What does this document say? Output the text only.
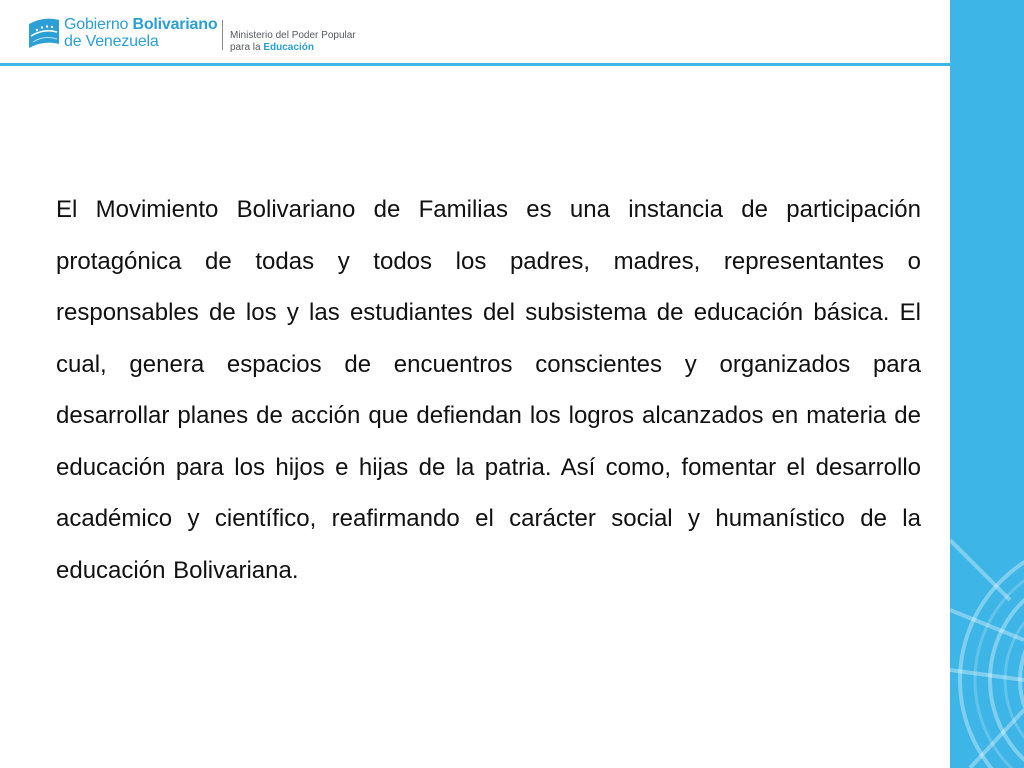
Gobierno Bolivariano
de Venezuela	Ministerio del Poder Popular
para la Educación
El Movimiento Bolivariano de Familias es una instancia de participación protagónica de todas y todos los padres, madres, representantes o responsables de los y las estudiantes del subsistema de educación básica. El cual, genera espacios de encuentros conscientes y organizados para desarrollar planes de acción que defiendan los logros alcanzados en materia de educación para los hijos e hijas de la patria. Así como, fomentar el desarrollo académico y científico, reafirmando el carácter social y humanístico de la educación Bolivariana.
